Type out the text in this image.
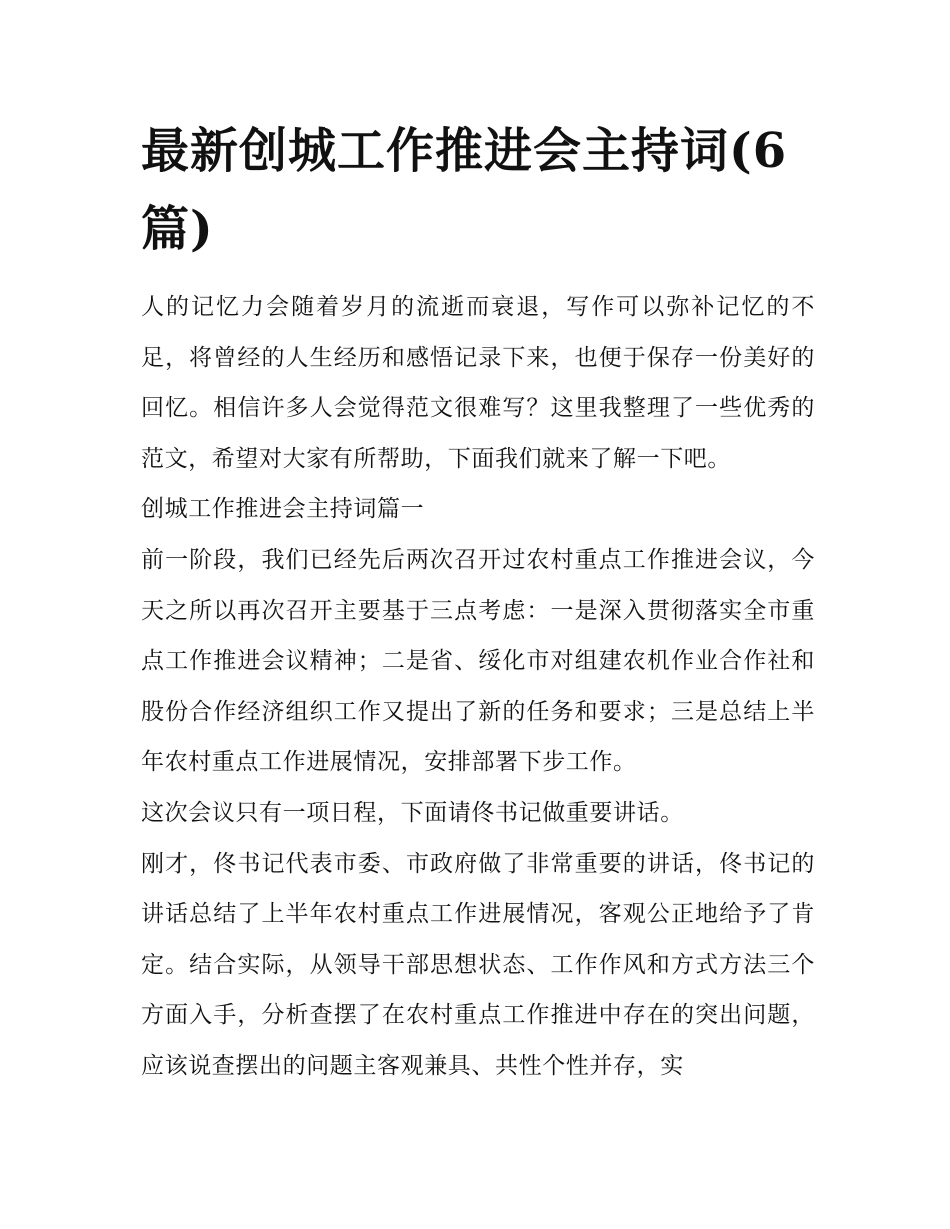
最新创城工作推进会主持词(6篇)

人的记忆力会随着岁月的流逝而衰退，写作可以弥补记忆的不足，将曾经的人生经历和感悟记录下来，也便于保存一份美好的回忆。相信许多人会觉得范文很难写？这里我整理了一些优秀的范文，希望对大家有所帮助，下面我们就来了解一下吧。

创城工作推进会主持词篇一

前一阶段，我们已经先后两次召开过农村重点工作推进会议，今天之所以再次召开主要基于三点考虑：一是深入贯彻落实全市重点工作推进会议精神；二是省、绥化市对组建农机作业合作社和股份合作经济组织工作又提出了新的任务和要求；三是总结上半年农村重点工作进展情况，安排部署下步工作。

这次会议只有一项日程，下面请佟书记做重要讲话。

刚才，佟书记代表市委、市政府做了非常重要的讲话，佟书记的讲话总结了上半年农村重点工作进展情况，客观公正地给予了肯定。结合实际，从领导干部思想状态、工作作风和方式方法三个方面入手，分析查摆了在农村重点工作推进中存在的突出问题，应该说查摆出的问题主客观兼具、共性个性并存，实
